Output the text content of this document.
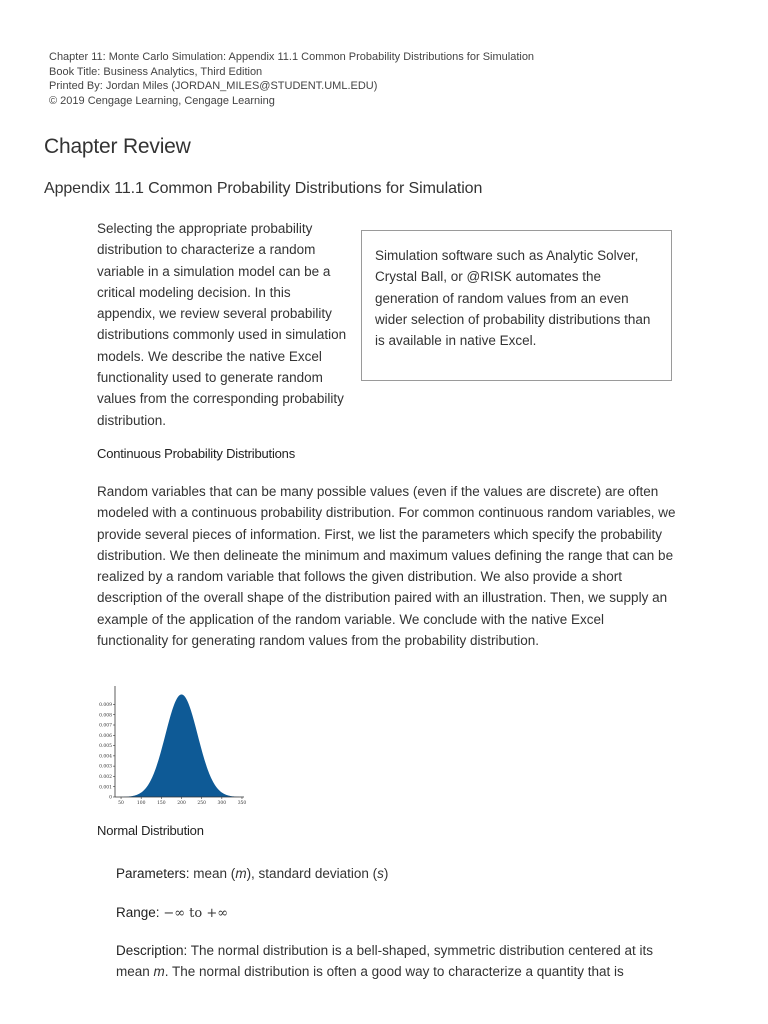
Chapter 11: Monte Carlo Simulation: Appendix 11.1 Common Probability Distributions for Simulation
Book Title: Business Analytics, Third Edition
Printed By: Jordan Miles (JORDAN_MILES@STUDENT.UML.EDU)
© 2019 Cengage Learning, Cengage Learning
Chapter Review
Appendix 11.1 Common Probability Distributions for Simulation

Selecting the appropriate probability distribution to characterize a random variable in a simulation model can be a critical modeling decision. In this appendix, we review several probability distributions commonly used in simulation models. We describe the native Excel functionality used to generate random values from the corresponding probability distribution.

Simulation software such as Analytic Solver, Crystal Ball, or @RISK automates the generation of random values from an even wider selection of probability distributions than is available in native Excel.

Continuous Probability Distributions

Random variables that can be many possible values (even if the values are discrete) are often modeled with a continuous probability distribution. For common continuous random variables, we provide several pieces of information. First, we list the parameters which specify the probability distribution. We then delineate the minimum and maximum values defining the range that can be realized by a random variable that follows the given distribution. We also provide a short description of the overall shape of the distribution paired with an illustration. Then, we supply an example of the application of the random variable. We conclude with the native Excel functionality for generating random values from the probability distribution.

50	100	150	200	250	300	350
0
0.001
0.002
0.003
0.004
0.005
0.006
0.007
0.008
0.009
Normal Distribution

Parameters: mean (m), standard deviation (s)

Range: −∞ to +∞

Description: The normal distribution is a bell-shaped, symmetric distribution centered at its mean m. The normal distribution is often a good way to characterize a quantity that is
